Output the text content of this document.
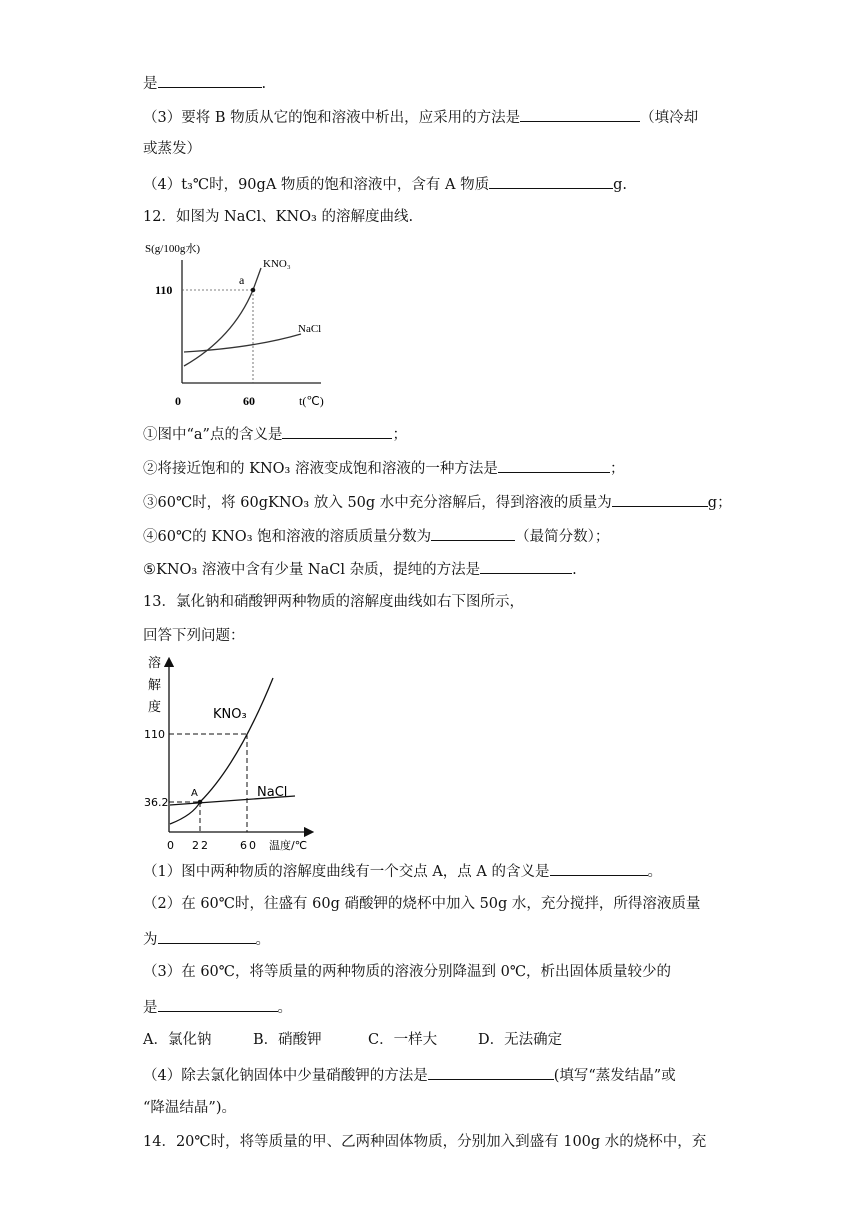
是	.
（3）要将 B 物质从它的饱和溶液中析出，应采用的方法是	（填冷却
或蒸发）
（4）t₃℃时，90gA 物质的饱和溶液中，含有 A 物质	g.
12．如图为 NaCl、KNO₃ 的溶解度曲线.
S(g/100g水)
a
KNO₃
NaCl
110
0	60	t(℃)
①图中“a”点的含义是	；
②将接近饱和的 KNO₃ 溶液变成饱和溶液的一种方法是	；
③60℃时，将 60gKNO₃ 放入 50g 水中充分溶解后，得到溶液的质量为	g；
④60℃的 KNO₃ 饱和溶液的溶质质量分数为	（最简分数）；
⑤KNO₃ 溶液中含有少量 NaCl 杂质，提纯的方法是	.
13．氯化钠和硝酸钾两种物质的溶解度曲线如右下图所示，
回答下列问题：
溶
解
度
A
KNO₃
NaCl
110
36.2
0 22	60 温度/℃
（1）图中两种物质的溶解度曲线有一个交点 A，点 A 的含义是	。
（2）在 60℃时，往盛有 60g 硝酸钾的烧杯中加入 50g 水，充分搅拌，所得溶液质量
为	。
（3）在 60℃，将等质量的两种物质的溶液分别降温到 0℃，析出固体质量较少的
是	。
A．氯化钠	B．硝酸钾	C．一样大	D．无法确定
（4）除去氯化钠固体中少量硝酸钾的方法是	(填写“蒸发结晶”或
“降温结晶”)。
14．20℃时，将等质量的甲、乙两种固体物质，分别加入到盛有 100g 水的烧杯中，充
